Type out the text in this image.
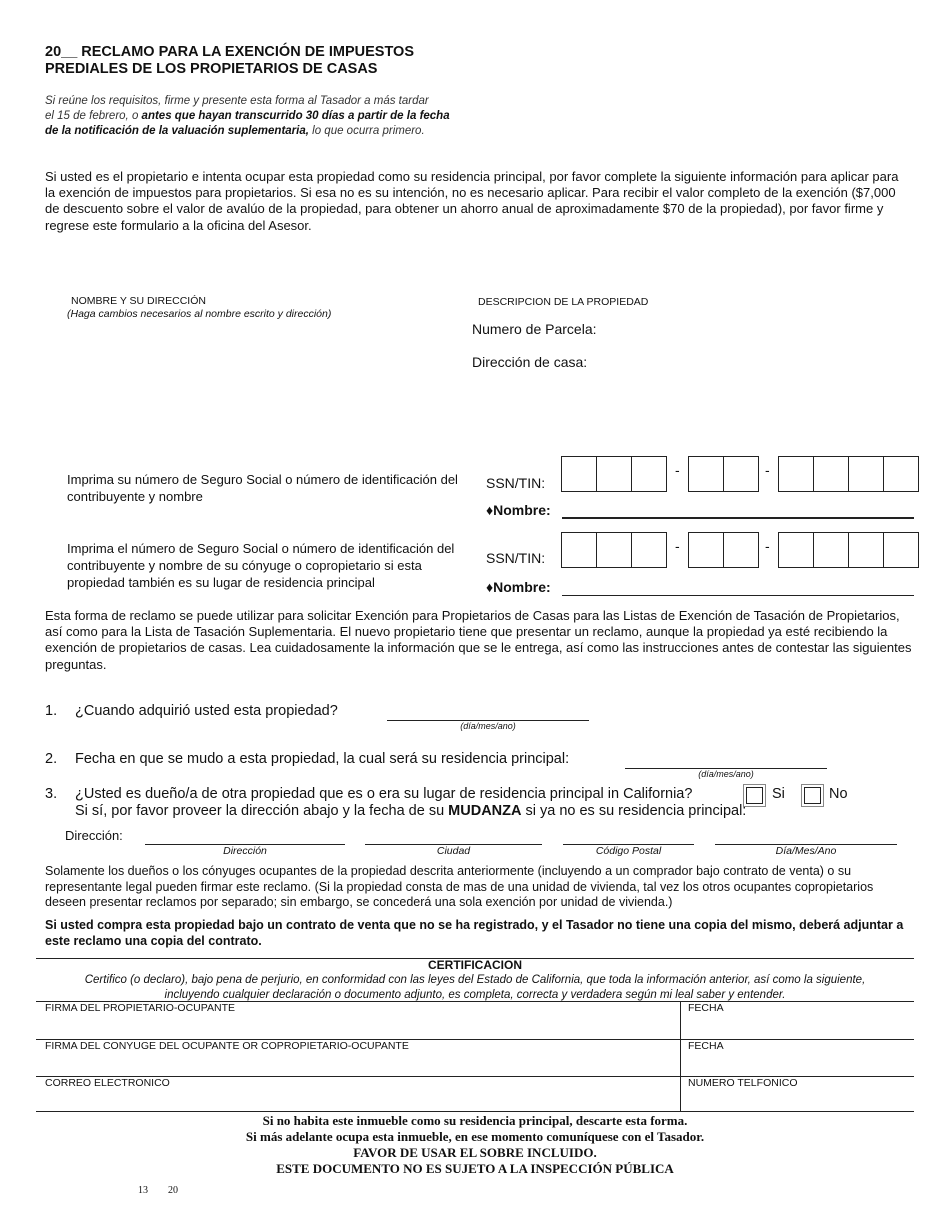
20__ RECLAMO PARA LA EXENCIÓN DE IMPUESTOS
PREDIALES DE LOS PROPIETARIOS DE CASAS
Si reúne los requisitos, firme y presente esta forma al Tasador a más tardar
el 15 de febrero, o antes que hayan transcurrido 30 días a partir de la fecha
de la notificación de la valuación suplementaria, lo que ocurra primero.
Si usted es el propietario e intenta ocupar esta propiedad como su residencia principal, por favor complete la siguiente información para aplicar para la exención de impuestos para propietarios. Si esa no es su intención, no es necesario aplicar. Para recibir el valor completo de la exención ($7,000 de descuento sobre el valor de avalúo de la propiedad, para obtener un ahorro anual de aproximadamente $70 de la propiedad), por favor firme y regrese este formulario a la oficina del Asesor.
NOMBRE Y SU DIRECCIÓN
(Haga cambios necesarios al nombre escrito y dirección)
DESCRIPCION DE LA PROPIEDAD
Numero de Parcela:
Dirección de casa:
Imprima su número de Seguro Social o número de identificación del contribuyente y nombre
SSN/TIN:
-	-
♦Nombre:
Imprima el número de Seguro Social o número de identificación del contribuyente y nombre de su cónyuge o copropietario si esta propiedad también es su lugar de residencia principal
SSN/TIN:
-	-
♦Nombre:
Esta forma de reclamo se puede utilizar para solicitar Exención para Propietarios de Casas para las Listas de Exención de Tasación de Propietarios, así como para la Lista de Tasación Suplementaria. El nuevo propietario tiene que presentar un reclamo, aunque la propiedad ya esté recibiendo la exención de propietarios de casas. Lea cuidadosamente la información que se le entrega, así como las instrucciones antes de contestar las siguientes preguntas.
1. ¿Cuando adquirió usted esta propiedad?
(día/mes/ano)
2. Fecha en que se mudo a esta propiedad, la cual será su residencia principal:
(día/mes/ano)
3. ¿Usted es dueño/a de otra propiedad que es o era su lugar de residencia principal in California?	Si	No
Si sí, por favor proveer la dirección abajo y la fecha de su MUDANZA si ya no es su residencia principal:
Dirección:
Dirección	Ciudad	Código Postal	Día/Mes/Ano
Solamente los dueños o los cónyuges ocupantes de la propiedad descrita anteriormente (incluyendo a un comprador bajo contrato de venta) o su representante legal pueden firmar este reclamo. (Si la propiedad consta de mas de una unidad de vivienda, tal vez los otros ocupantes copropietarios deseen presentar reclamos por separado; sin embargo, se concederá una sola exención por unidad de vivienda.)
Si usted compra esta propiedad bajo un contrato de venta que no se ha registrado, y el Tasador no tiene una copia del mismo, deberá adjuntar a este reclamo una copia del contrato.
CERTIFICACION
Certifico (o declaro), bajo pena de perjurio, en conformidad con las leyes del Estado de California, que toda la información anterior, así como la siguiente,
incluyendo cualquier declaración o documento adjunto, es completa, correcta y verdadera según mi leal saber y entender.
FIRMA DEL PROPIETARIO-OCUPANTE	FECHA
FIRMA DEL CONYUGE DEL OCUPANTE OR COPROPIETARIO-OCUPANTE	FECHA
CORREO ELECTRONICO	NUMERO TELFONICO
Si no habita este inmueble como su residencia principal, descarte esta forma.
Si más adelante ocupa esta inmueble, en ese momento comuníquese con el Tasador.
FAVOR DE USAR EL SOBRE INCLUIDO.
ESTE DOCUMENTO NO ES SUJETO A LA INSPECCIÓN PÚBLICA
13 20
